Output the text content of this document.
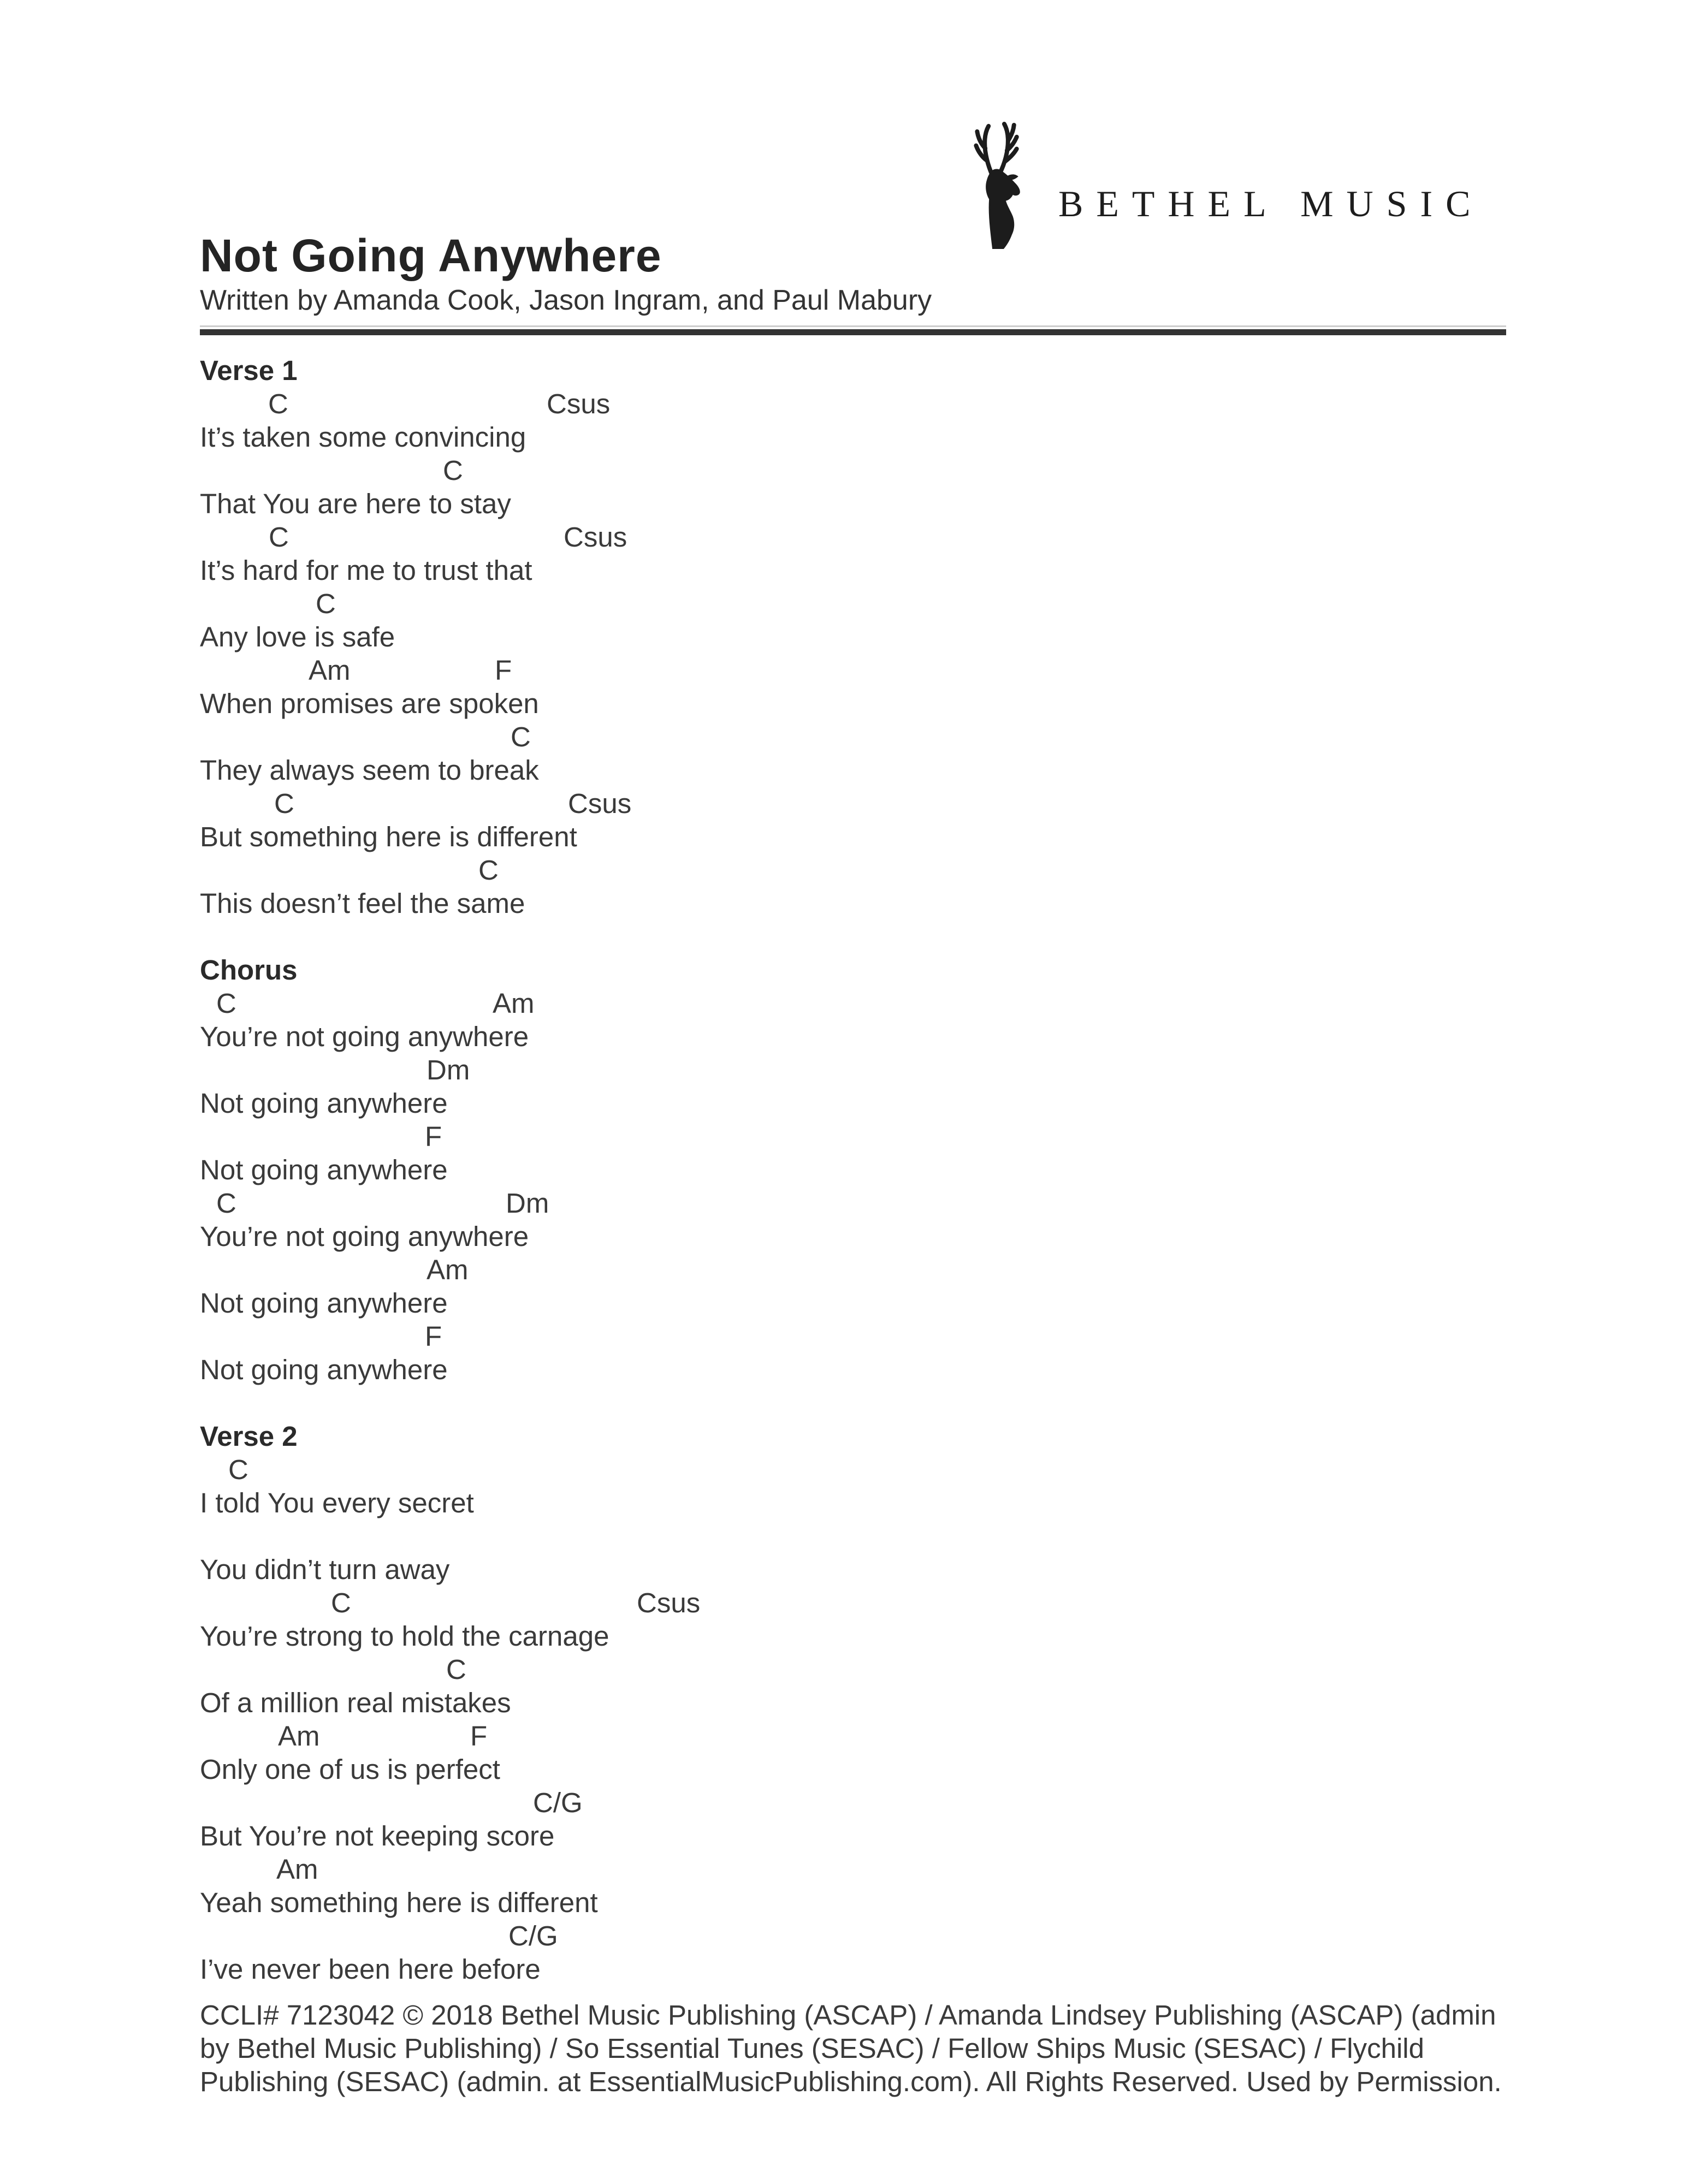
BETHEL MUSIC
Not Going Anywhere
Written by Amanda Cook, Jason Ingram, and Paul Mabury
Verse 1
C	Csus
It’s taken some convincing
C
That You are here to stay
C	Csus
It’s hard for me to trust that
C
Any love is safe
Am	F
When promises are spoken
C
They always seem to break
C	Csus
But something here is different
C
This doesn’t feel the same
Chorus
C	Am
You’re not going anywhere
Dm
Not going anywhere
F
Not going anywhere
C	Dm
You’re not going anywhere
Am
Not going anywhere
F
Not going anywhere
Verse 2
C
I told You every secret
You didn’t turn away
C	Csus
You’re strong to hold the carnage
C
Of a million real mistakes
Am	F
Only one of us is perfect
C/G
But You’re not keeping score
Am
Yeah something here is different
C/G
I’ve never been here before
CCLI# 7123042 © 2018 Bethel Music Publishing (ASCAP) / Amanda Lindsey Publishing (ASCAP) (admin by Bethel Music Publishing) / So Essential Tunes (SESAC) / Fellow Ships Music (SESAC) / Flychild Publishing (SESAC) (admin. at EssentialMusicPublishing.com). All Rights Reserved. Used by Permission.
